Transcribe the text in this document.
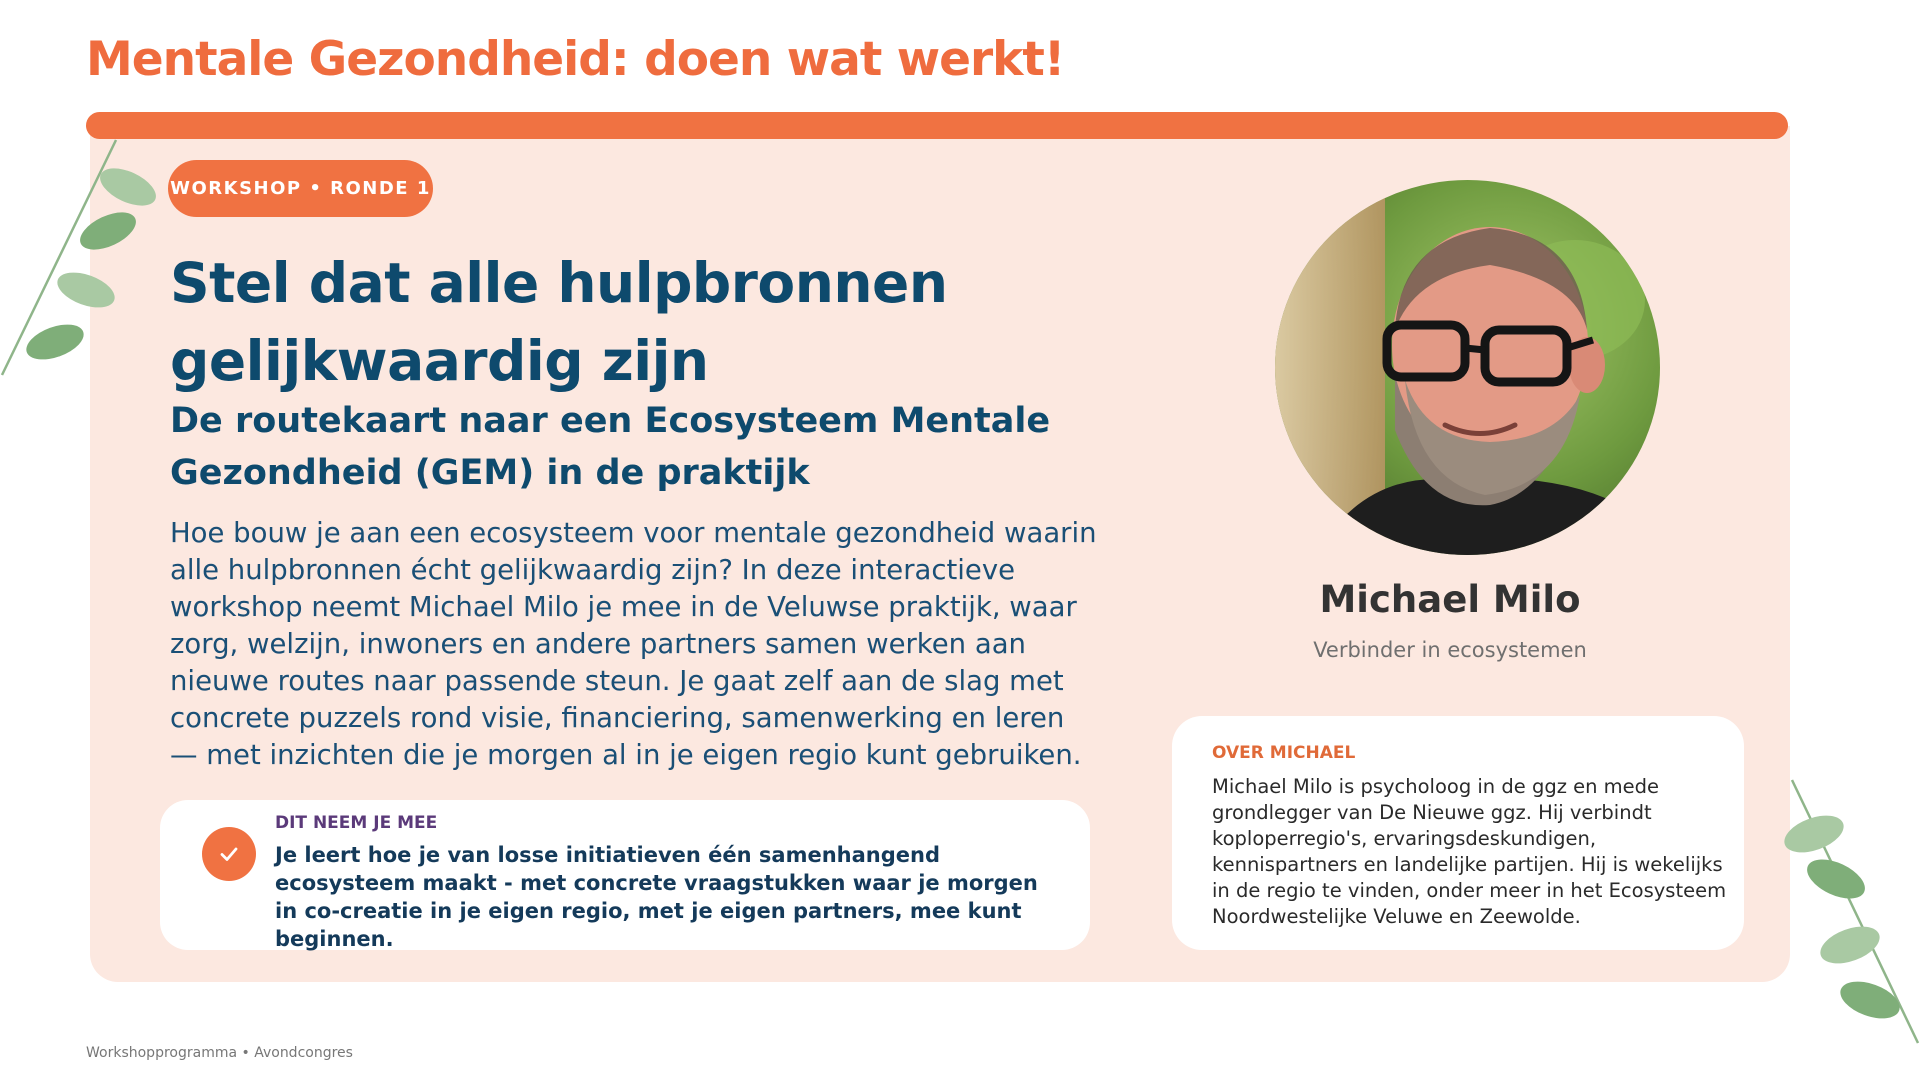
Mentale Gezondheid: doen wat werkt!
WORKSHOP • RONDE 1
Stel dat alle hulpbronnen gelijkwaardig zijn
De routekaart naar een Ecosysteem Mentale Gezondheid (GEM) in de praktijk
Hoe bouw je aan een ecosysteem voor mentale gezondheid waarin alle hulpbronnen écht gelijkwaardig zijn? In deze interactieve workshop neemt Michael Milo je mee in de Veluwse praktijk, waar zorg, welzijn, inwoners en andere partners samen werken aan nieuwe routes naar passende steun. Je gaat zelf aan de slag met concrete puzzels rond visie, financiering, samenwerking en leren — met inzichten die je morgen al in je eigen regio kunt gebruiken.
DIT NEEM JE MEE
Je leert hoe je van losse initiatieven één samenhangend ecosysteem maakt - met concrete vraagstukken waar je morgen in co-creatie in je eigen regio, met je eigen partners, mee kunt beginnen.
Michael Milo
Verbinder in ecosystemen
OVER MICHAEL
Michael Milo is psycholoog in de ggz en mede grondlegger van De Nieuwe ggz. Hij verbindt koploperregio's, ervaringsdeskundigen, kennispartners en landelijke partijen. Hij is wekelijks in de regio te vinden, onder meer in het Ecosysteem Noordwestelijke Veluwe en Zeewolde.
Workshopprogramma • Avondcongres
